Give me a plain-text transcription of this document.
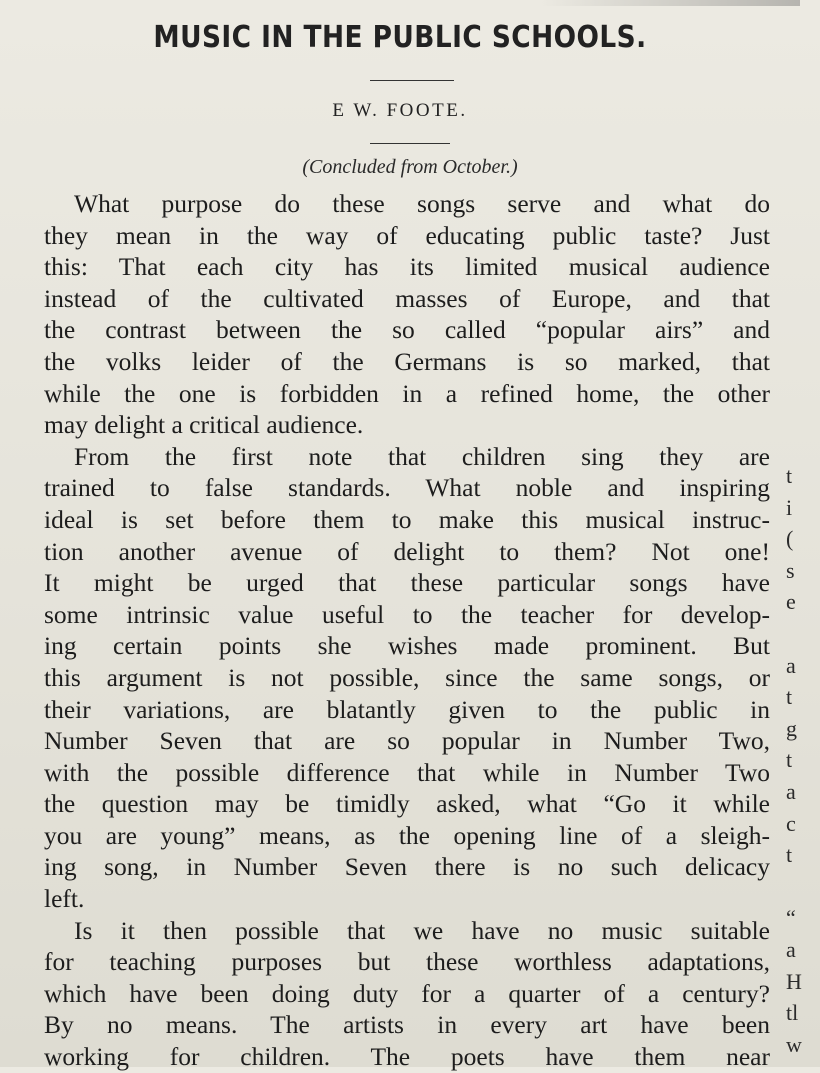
MUSIC IN THE PUBLIC SCHOOLS.
E W. FOOTE.
(Concluded from October.)
What purpose do these songs serve and what do
they mean in the way of educating public taste? Just
this: That each city has its limited musical audience
instead of the cultivated masses of Europe, and that
the contrast between the so called “popular airs” and
the volks leider of the Germans is so marked, that
while the one is forbidden in a refined home, the other
may delight a critical audience.
From the first note that children sing they are
trained to false standards. What noble and inspiring
ideal is set before them to make this musical instruc-
tion another avenue of delight to them? Not one!
It might be urged that these particular songs have
some intrinsic value useful to the teacher for develop-
ing certain points she wishes made prominent. But
this argument is not possible, since the same songs, or
their variations, are blatantly given to the public in
Number Seven that are so popular in Number Two,
with the possible difference that while in Number Two
the question may be timidly asked, what “Go it while
you are young” means, as the opening line of a sleigh-
ing song, in Number Seven there is no such delicacy
left.
Is it then possible that we have no music suitable
for teaching purposes but these worthless adaptations,
which have been doing duty for a quarter of a century?
By no means. The artists in every art have been
working for children. The poets have them near
t
i
(
s
e

a
t
g
t
a
c
t

“
a
H
tl
w
